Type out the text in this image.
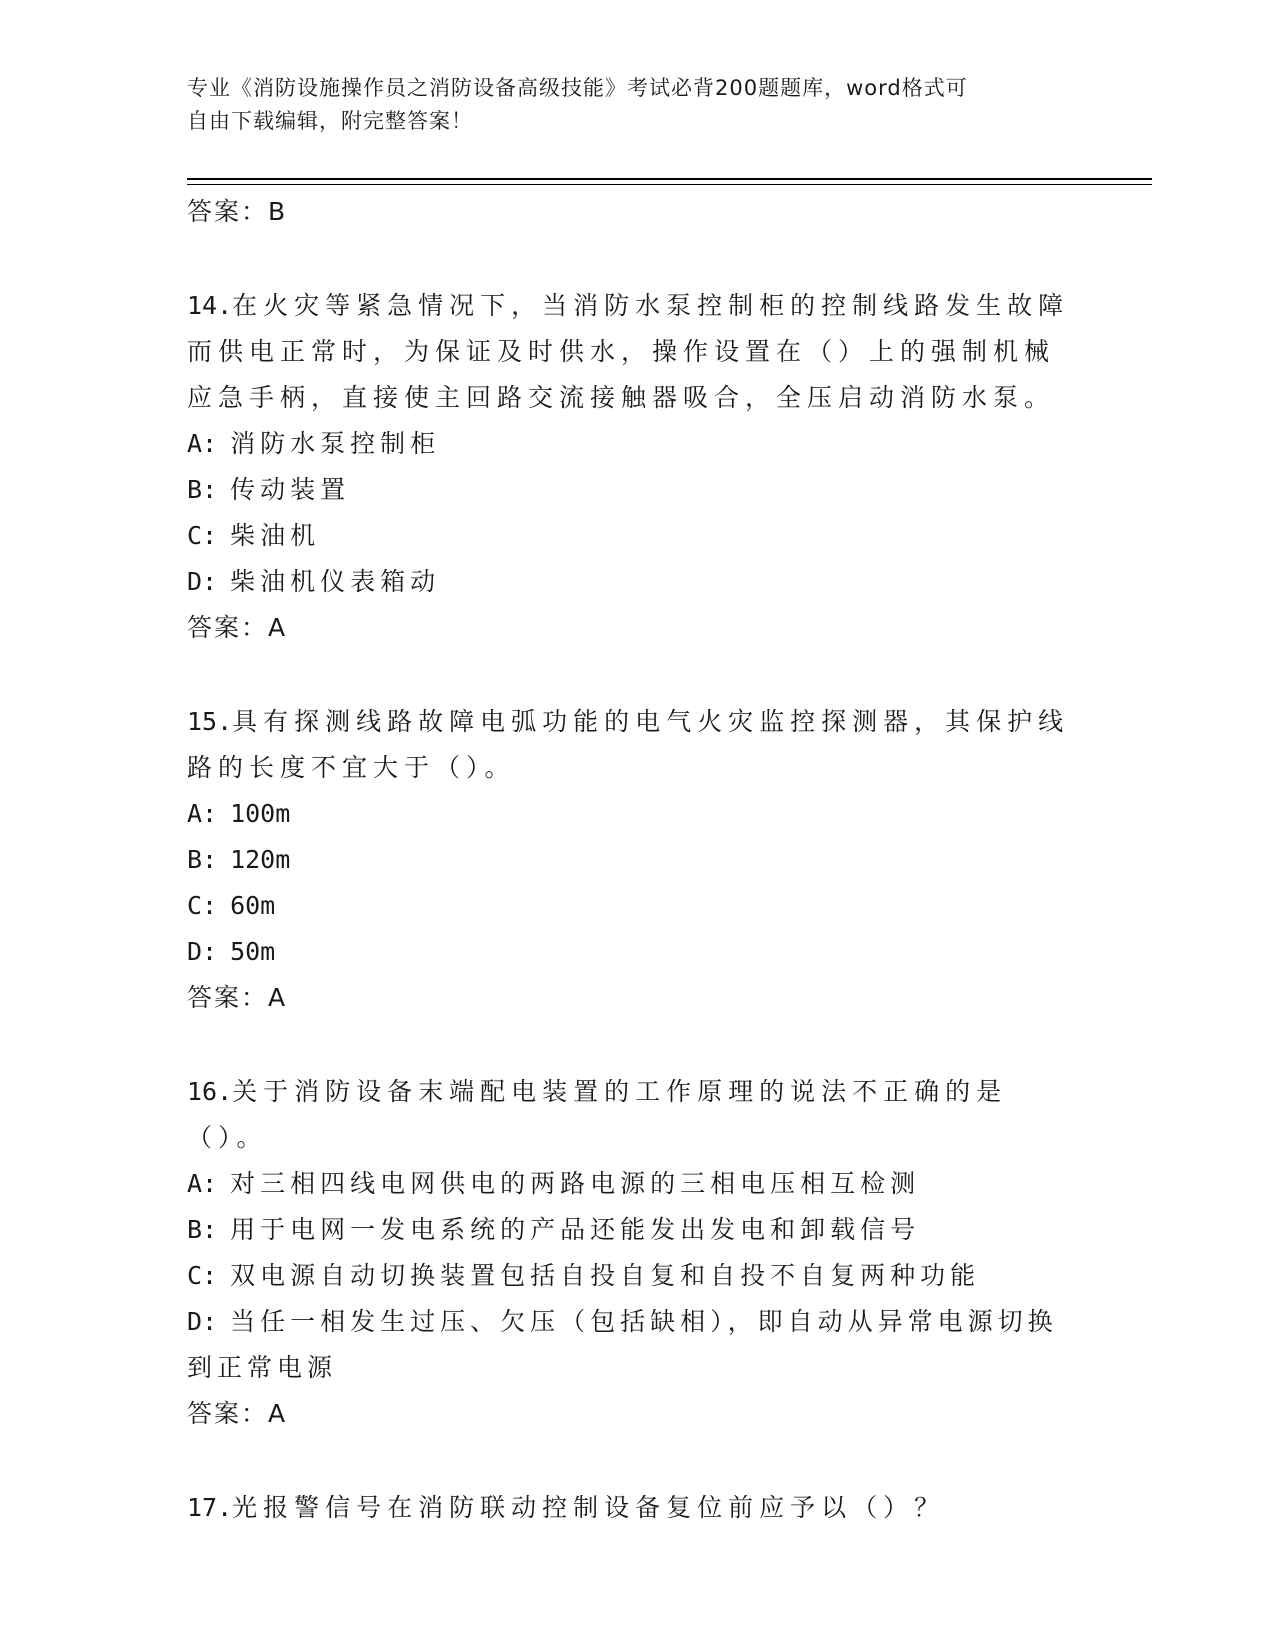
专业《消防设施操作员之消防设备高级技能》考试必背200题题库，word格式可
自由下载编辑，附完整答案！
答案：B
14.在火灾等紧急情况下，当消防水泵控制柜的控制线路发生故障而供电正常时，为保证及时供水，操作设置在（）上的强制机械应急手柄，直接使主回路交流接触器吸合，全压启动消防水泵。
A: 消防水泵控制柜
B: 传动装置
C: 柴油机
D: 柴油机仪表箱动
答案：A
15.具有探测线路故障电弧功能的电气火灾监控探测器，其保护线路的长度不宜大于（）。
A: 100m
B: 120m
C: 60m
D: 50m
答案：A
16.关于消防设备末端配电装置的工作原理的说法不正确的是（）。
A: 对三相四线电网供电的两路电源的三相电压相互检测
B: 用于电网一发电系统的产品还能发出发电和卸载信号
C: 双电源自动切换装置包括自投自复和自投不自复两种功能
D: 当任一相发生过压、欠压（包括缺相），即自动从异常电源切换到正常电源
答案：A
17.光报警信号在消防联动控制设备复位前应予以（）？
